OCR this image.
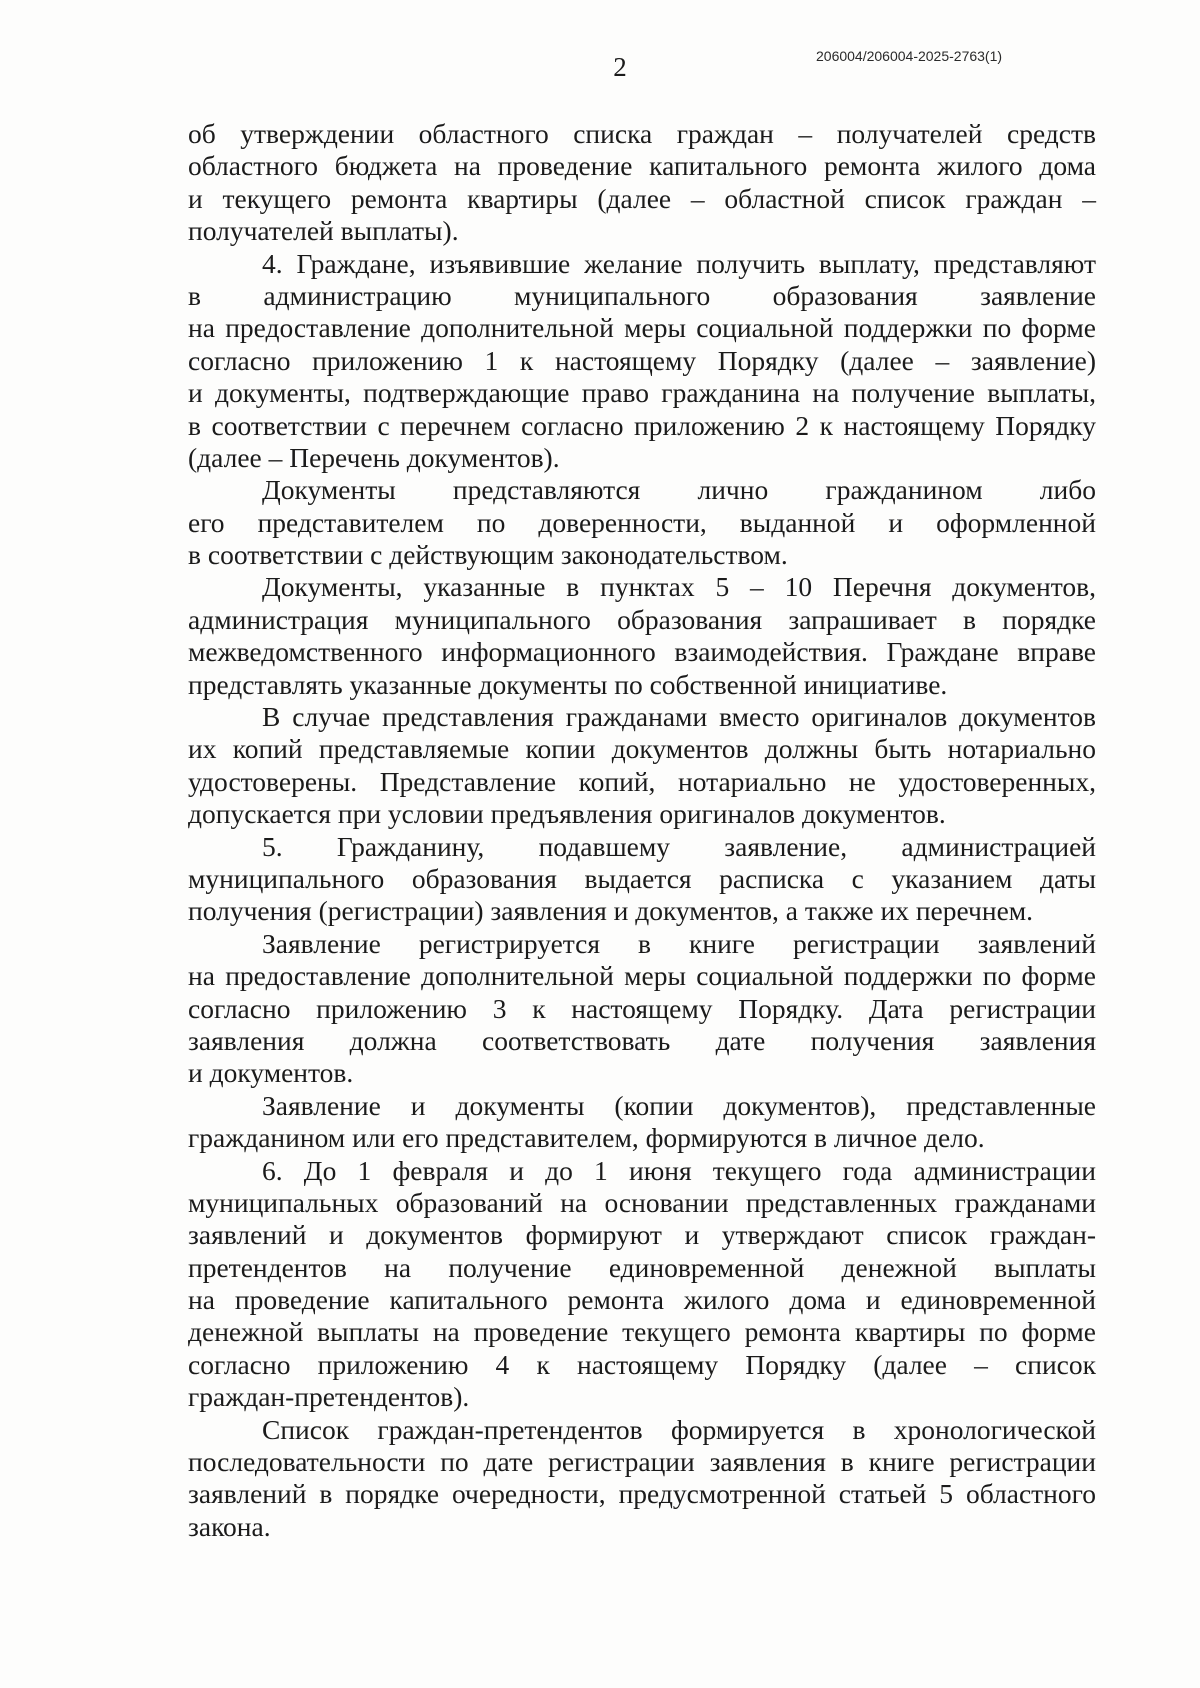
2	206004/206004-2025-2763(1)
об утверждении областного списка граждан – получателей средств
областного бюджета на проведение капитального ремонта жилого дома
и текущего ремонта квартиры (далее – областной список граждан –
получателей выплаты).
4. Граждане, изъявившие желание получить выплату, представляют
в администрацию муниципального образования заявление
на предоставление дополнительной меры социальной поддержки по форме
согласно приложению 1 к настоящему Порядку (далее – заявление)
и документы, подтверждающие право гражданина на получение выплаты,
в соответствии с перечнем согласно приложению 2 к настоящему Порядку
(далее – Перечень документов).
Документы представляются лично гражданином либо
его представителем по доверенности, выданной и оформленной
в соответствии с действующим законодательством.
Документы, указанные в пунктах 5 – 10 Перечня документов,
администрация муниципального образования запрашивает в порядке
межведомственного информационного взаимодействия. Граждане вправе
представлять указанные документы по собственной инициативе.
В случае представления гражданами вместо оригиналов документов
их копий представляемые копии документов должны быть нотариально
удостоверены. Представление копий, нотариально не удостоверенных,
допускается при условии предъявления оригиналов документов.
5. Гражданину, подавшему заявление, администрацией
муниципального образования выдается расписка с указанием даты
получения (регистрации) заявления и документов, а также их перечнем.
Заявление регистрируется в книге регистрации заявлений
на предоставление дополнительной меры социальной поддержки по форме
согласно приложению 3 к настоящему Порядку. Дата регистрации
заявления должна соответствовать дате получения заявления
и документов.
Заявление и документы (копии документов), представленные
гражданином или его представителем, формируются в личное дело.
6. До 1 февраля и до 1 июня текущего года администрации
муниципальных образований на основании представленных гражданами
заявлений и документов формируют и утверждают список граждан-
претендентов на получение единовременной денежной выплаты
на проведение капитального ремонта жилого дома и единовременной
денежной выплаты на проведение текущего ремонта квартиры по форме
согласно приложению 4 к настоящему Порядку (далее – список
граждан-претендентов).
Список граждан-претендентов формируется в хронологической
последовательности по дате регистрации заявления в книге регистрации
заявлений в порядке очередности, предусмотренной статьей 5 областного
закона.
